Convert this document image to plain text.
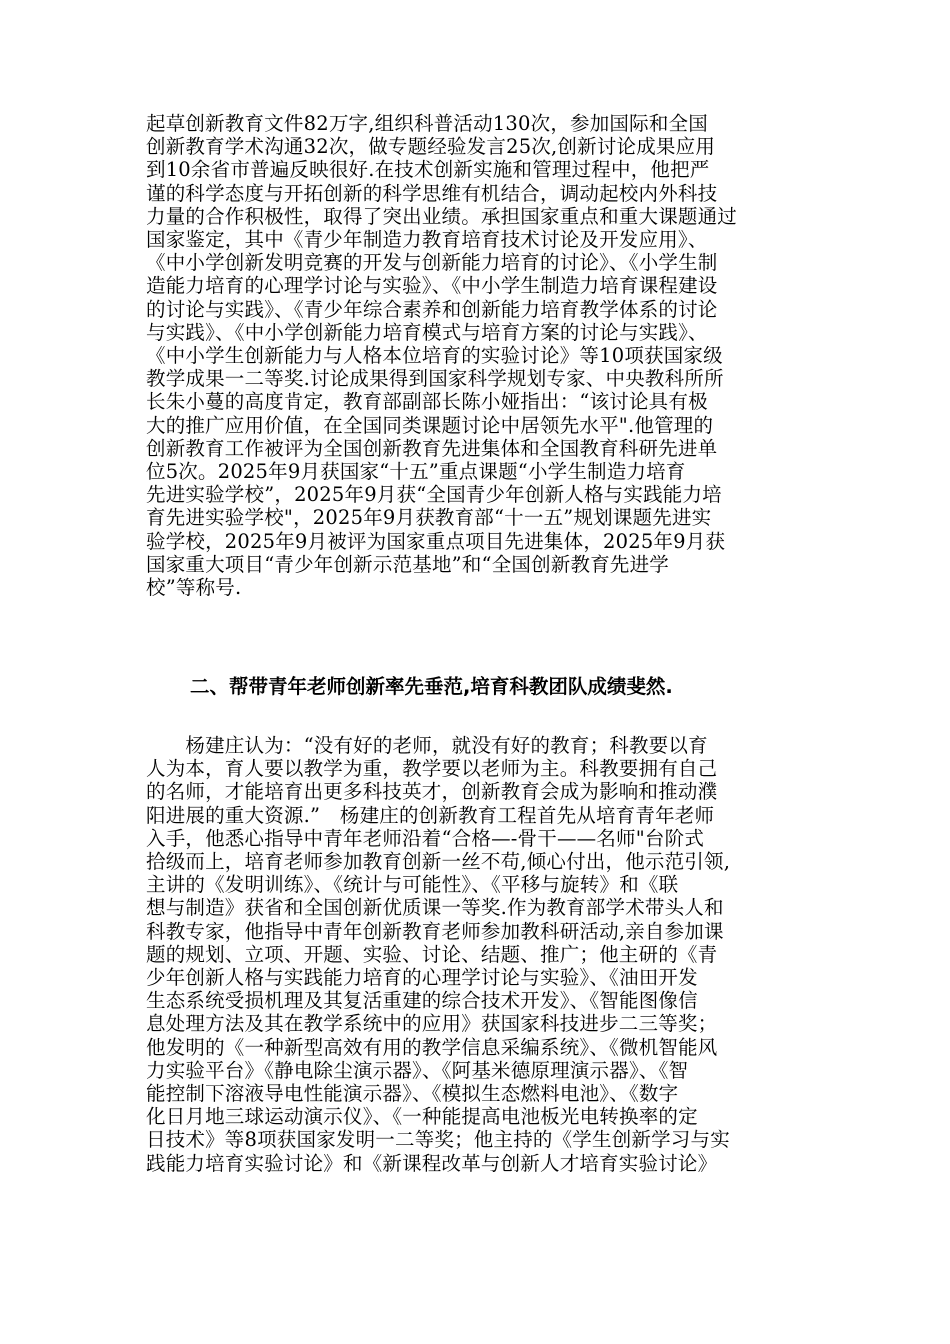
起草创新教育文件82万字,组织科普活动130次，参加国际和全国
创新教育学术沟通32次，做专题经验发言25次,创新讨论成果应用
到10余省市普遍反映很好.在技术创新实施和管理过程中，他把严
谨的科学态度与开拓创新的科学思维有机结合，调动起校内外科技
力量的合作积极性，取得了突出业绩。承担国家重点和重大课题通过
国家鉴定，其中《青少年制造力教育培育技术讨论及开发应用》、
《中小学创新发明竞赛的开发与创新能力培育的讨论》、《小学生制
造能力培育的心理学讨论与实验》、《中小学生制造力培育课程建设
的讨论与实践》、《青少年综合素养和创新能力培育教学体系的讨论
与实践》、《中小学创新能力培育模式与培育方案的讨论与实践》、
《中小学生创新能力与人格本位培育的实验讨论》等10项获国家级
教学成果一二等奖.讨论成果得到国家科学规划专家、中央教科所所
长朱小蔓的高度肯定，教育部副部长陈小娅指出：“该讨论具有极
大的推广应用价值，在全国同类课题讨论中居领先水平".他管理的
创新教育工作被评为全国创新教育先进集体和全国教育科研先进单
位5次。2025年9月获国家“十五”重点课题“小学生制造力培育
先进实验学校”，2025年9月获“全国青少年创新人格与实践能力培
育先进实验学校"，2025年9月获教育部“十一五”规划课题先进实
验学校，2025年9月被评为国家重点项目先进集体，2025年9月获
国家重大项目“青少年创新示范基地”和“全国创新教育先进学
校”等称号.

二、帮带青年老师创新率先垂范,培育科教团队成绩斐然.

　　杨建庄认为：“没有好的老师，就没有好的教育；科教要以育
人为本，育人要以教学为重，教学要以老师为主。科教要拥有自己
的名师，才能培育出更多科技英才，创新教育会成为影响和推动濮
阳进展的重大资源.”　杨建庄的创新教育工程首先从培育青年老师
入手，他悉心指导中青年老师沿着“合格—-骨干——名师"台阶式
拾级而上，培育老师参加教育创新一丝不苟,倾心付出，他示范引领,
主讲的《发明训练》、《统计与可能性》、《平移与旋转》和《联
想与制造》获省和全国创新优质课一等奖.作为教育部学术带头人和
科教专家，他指导中青年创新教育老师参加教科研活动,亲自参加课
题的规划、立项、开题、实验、讨论、结题、推广；他主研的《青
少年创新人格与实践能力培育的心理学讨论与实验》、《油田开发
生态系统受损机理及其复活重建的综合技术开发》、《智能图像信
息处理方法及其在教学系统中的应用》获国家科技进步二三等奖；
他发明的《一种新型高效有用的教学信息采编系统》、《微机智能风
力实验平台》《静电除尘演示器》、《阿基米德原理演示器》、《智
能控制下溶液导电性能演示器》、《模拟生态燃料电池》、《数字
化日月地三球运动演示仪》、《一种能提高电池板光电转换率的定
日技术》等8项获国家发明一二等奖；他主持的《学生创新学习与实
践能力培育实验讨论》和《新课程改革与创新人才培育实验讨论》
